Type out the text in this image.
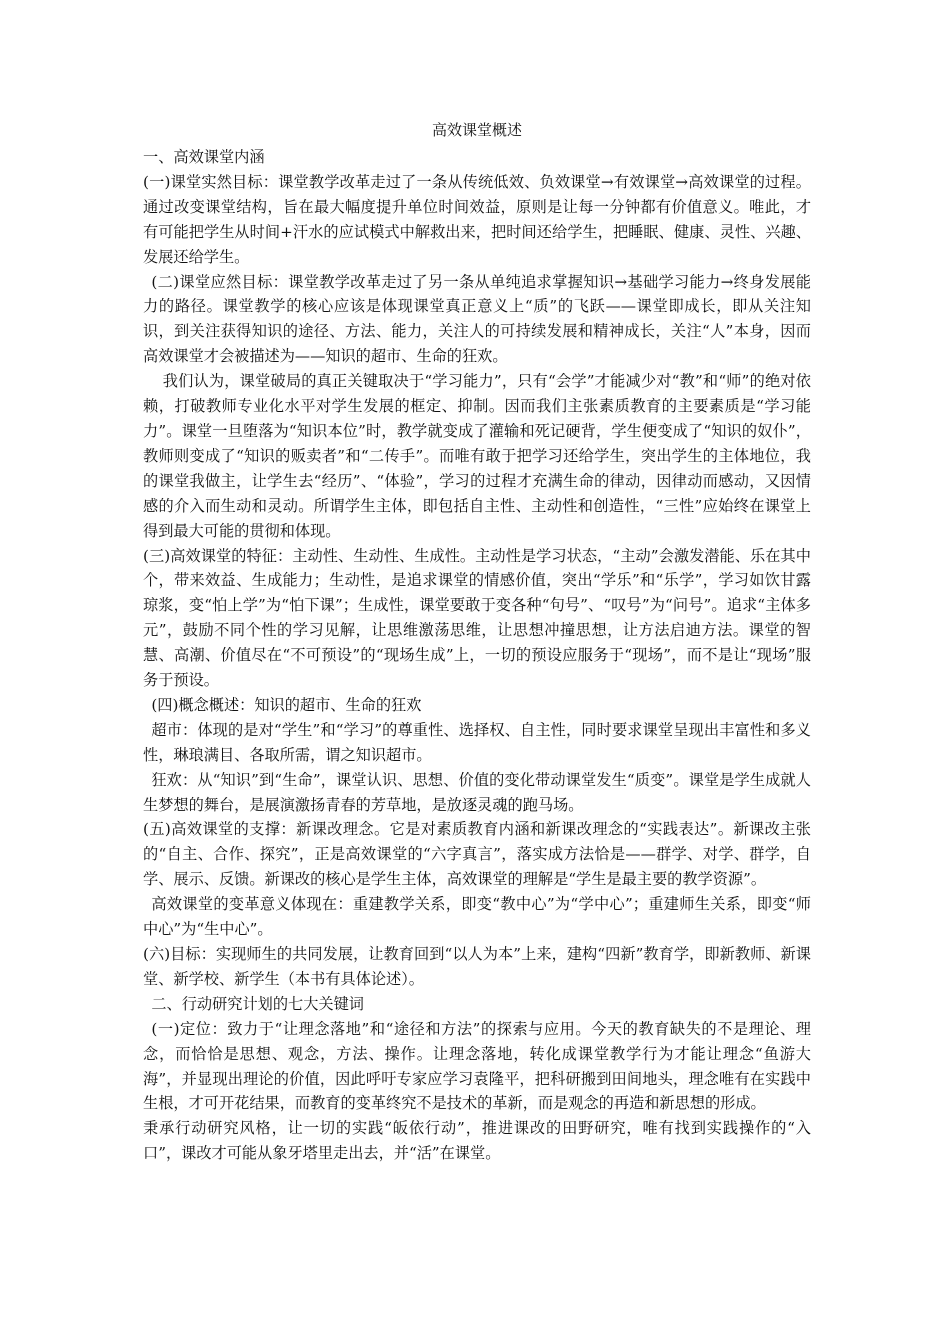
高效课堂概述

一、高效课堂内涵

(一)课堂实然目标：课堂教学改革走过了一条从传统低效、负效课堂→有效课堂→高效课堂的过程。通过改变课堂结构，旨在最大幅度提升单位时间效益，原则是让每一分钟都有价值意义。唯此，才有可能把学生从时间+汗水的应试模式中解救出来，把时间还给学生，把睡眠、健康、灵性、兴趣、发展还给学生。

(二)课堂应然目标：课堂教学改革走过了另一条从单纯追求掌握知识→基础学习能力→终身发展能力的路径。课堂教学的核心应该是体现课堂真正意义上“质”的飞跃——课堂即成长，即从关注知识，到关注获得知识的途径、方法、能力，关注人的可持续发展和精神成长，关注“人”本身，因而高效课堂才会被描述为——知识的超市、生命的狂欢。

我们认为，课堂破局的真正关键取决于“学习能力”，只有“会学”才能减少对“教”和“师”的绝对依赖，打破教师专业化水平对学生发展的框定、抑制。因而我们主张素质教育的主要素质是“学习能力”。课堂一旦堕落为“知识本位”时，教学就变成了灌输和死记硬背，学生便变成了“知识的奴仆”，教师则变成了“知识的贩卖者”和“二传手”。而唯有敢于把学习还给学生，突出学生的主体地位，我的课堂我做主，让学生去“经历”、“体验”，学习的过程才充满生命的律动，因律动而感动，又因情感的介入而生动和灵动。所谓学生主体，即包括自主性、主动性和创造性，“三性”应始终在课堂上得到最大可能的贯彻和体现。

(三)高效课堂的特征：主动性、生动性、生成性。主动性是学习状态，“主动”会激发潜能、乐在其中个，带来效益、生成能力；生动性，是追求课堂的情感价值，突出“学乐”和“乐学”，学习如饮甘露琼浆，变“怕上学”为“怕下课”；生成性，课堂要敢于变各种“句号”、“叹号”为“问号”。追求“主体多元”，鼓励不同个性的学习见解，让思维激荡思维，让思想冲撞思想，让方法启迪方法。课堂的智慧、高潮、价值尽在“不可预设”的“现场生成”上，一切的预设应服务于“现场”，而不是让“现场”服务于预设。

(四)概念概述：知识的超市、生命的狂欢

超市：体现的是对“学生”和“学习”的尊重性、选择权、自主性，同时要求课堂呈现出丰富性和多义性，琳琅满目、各取所需，谓之知识超市。

狂欢：从“知识”到“生命”，课堂认识、思想、价值的变化带动课堂发生“质变”。课堂是学生成就人生梦想的舞台，是展演激扬青春的芳草地，是放逐灵魂的跑马场。

(五)高效课堂的支撑：新课改理念。它是对素质教育内涵和新课改理念的“实践表达”。新课改主张的“自主、合作、探究”，正是高效课堂的“六字真言”，落实成方法恰是——群学、对学、群学，自学、展示、反馈。新课改的核心是学生主体，高效课堂的理解是“学生是最主要的教学资源”。

高效课堂的变革意义体现在：重建教学关系，即变“教中心”为“学中心”；重建师生关系，即变“师中心”为“生中心”。

(六)目标：实现师生的共同发展，让教育回到“以人为本”上来，建构“四新”教育学，即新教师、新课堂、新学校、新学生（本书有具体论述）。

二、行动研究计划的七大关键词

(一)定位：致力于“让理念落地”和“途径和方法”的探索与应用。今天的教育缺失的不是理论、理念，而恰恰是思想、观念，方法、操作。让理念落地，转化成课堂教学行为才能让理念“鱼游大海”，并显现出理论的价值，因此呼吁专家应学习袁隆平，把科研搬到田间地头，理念唯有在实践中生根，才可开花结果，而教育的变革终究不是技术的革新，而是观念的再造和新思想的形成。

秉承行动研究风格，让一切的实践“皈依行动”，推进课改的田野研究，唯有找到实践操作的“入口”，课改才可能从象牙塔里走出去，并“活”在课堂。
